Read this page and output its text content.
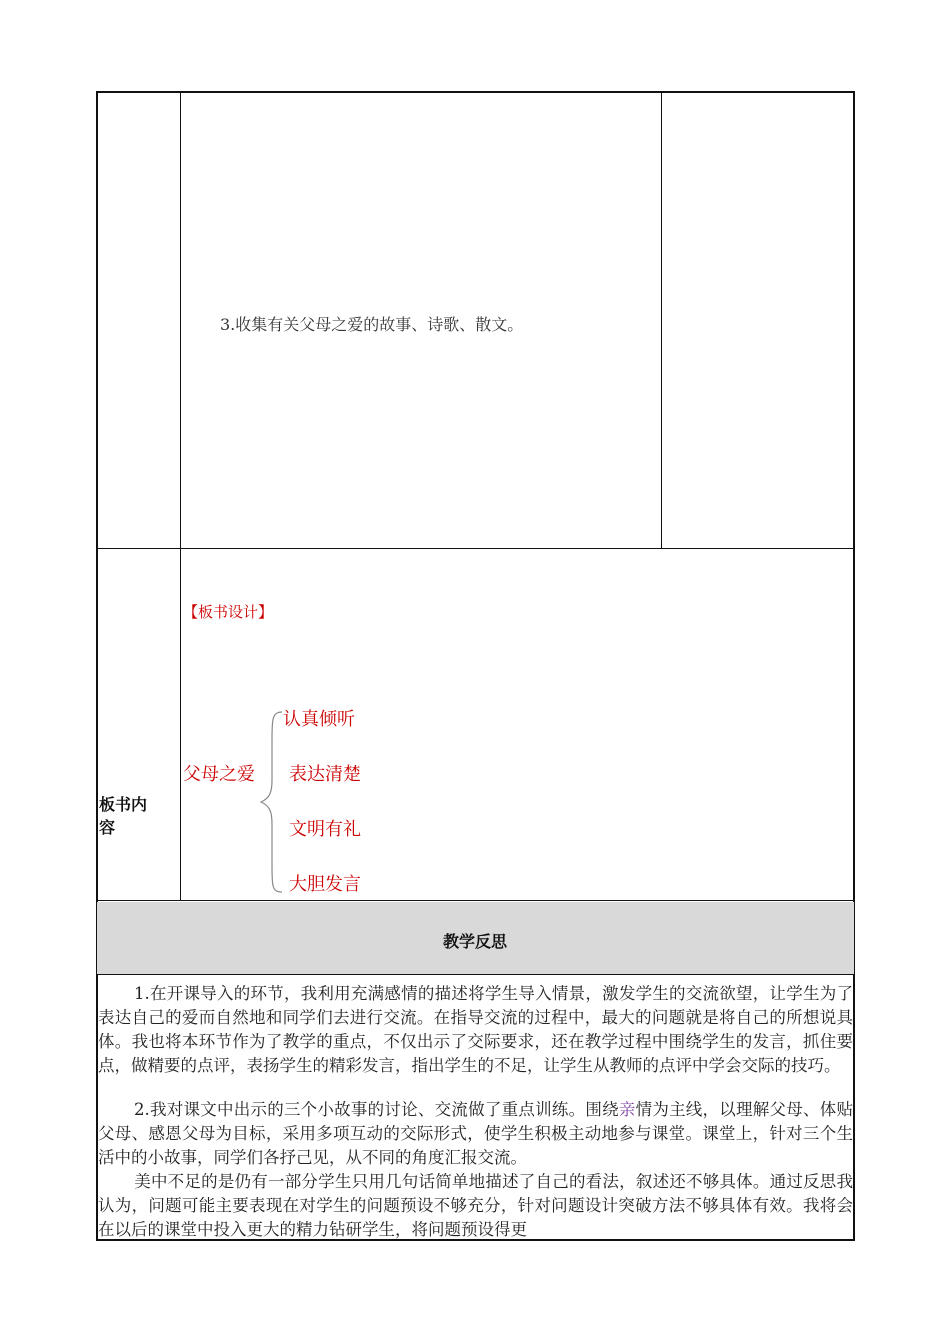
3.收集有关父母之爱的故事、诗歌、散文。
板书内容
【板书设计】
父母之爱
认真倾听
表达清楚
文明有礼
大胆发言
教学反思
1.在开课导入的环节，我利用充满感情的描述将学生导入情景，激发学生的交流欲望，让学生为了表达自己的爱而自然地和同学们去进行交流。在指导交流的过程中，最大的问题就是将自己的所想说具体。我也将本环节作为了教学的重点，不仅出示了交际要求，还在教学过程中围绕学生的发言，抓住要点，做精要的点评，表扬学生的精彩发言，指出学生的不足，让学生从教师的点评中学会交际的技巧。
2.我对课文中出示的三个小故事的讨论、交流做了重点训练。围绕亲情为主线，以理解父母、体贴父母、感恩父母为目标，采用多项互动的交际形式，使学生积极主动地参与课堂。课堂上，针对三个生活中的小故事，同学们各抒己见，从不同的角度汇报交流。
美中不足的是仍有一部分学生只用几句话简单地描述了自己的看法，叙述还不够具体。通过反思我认为，问题可能主要表现在对学生的问题预设不够充分，针对问题设计突破方法不够具体有效。我将会在以后的课堂中投入更大的精力钻研学生，将问题预设得更
